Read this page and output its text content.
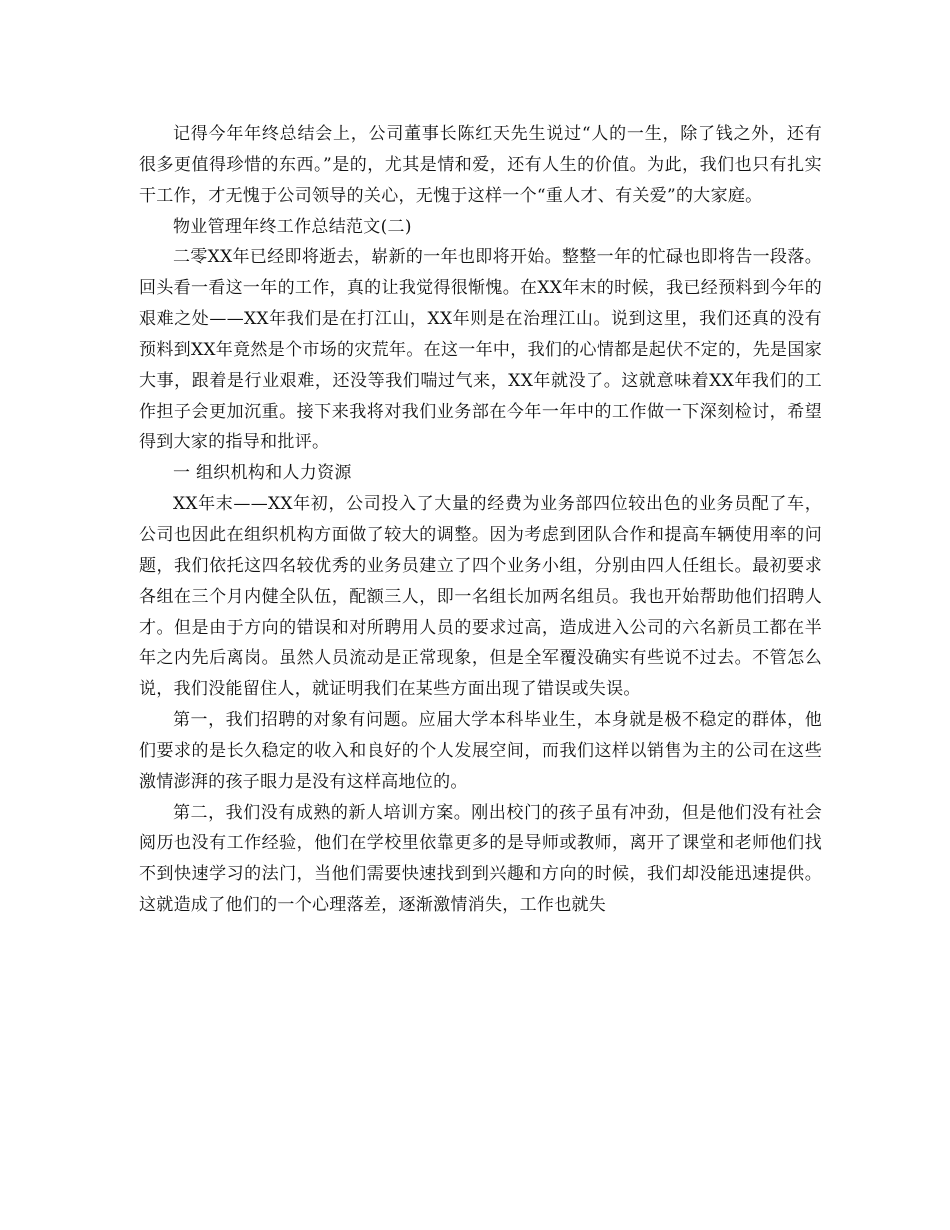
记得今年年终总结会上，公司董事长陈红天先生说过“人的一生，除了钱之外，还有很多更值得珍惜的东西。”是的，尤其是情和爱，还有人生的价值。为此，我们也只有扎实干工作，才无愧于公司领导的关心，无愧于这样一个“重人才、有关爱”的大家庭。

物业管理年终工作总结范文(二)

二零XX年已经即将逝去，崭新的一年也即将开始。整整一年的忙碌也即将告一段落。回头看一看这一年的工作，真的让我觉得很惭愧。在XX年末的时候，我已经预料到今年的艰难之处——XX年我们是在打江山，XX年则是在治理江山。说到这里，我们还真的没有预料到XX年竟然是个市场的灾荒年。在这一年中，我们的心情都是起伏不定的，先是国家大事，跟着是行业艰难，还没等我们喘过气来，XX年就没了。这就意味着XX年我们的工作担子会更加沉重。接下来我将对我们业务部在今年一年中的工作做一下深刻检讨，希望得到大家的指导和批评。

一 组织机构和人力资源

XX年末——XX年初，公司投入了大量的经费为业务部四位较出色的业务员配了车，公司也因此在组织机构方面做了较大的调整。因为考虑到团队合作和提高车辆使用率的问题，我们依托这四名较优秀的业务员建立了四个业务小组，分别由四人任组长。最初要求各组在三个月内健全队伍，配额三人，即一名组长加两名组员。我也开始帮助他们招聘人才。但是由于方向的错误和对所聘用人员的要求过高，造成进入公司的六名新员工都在半年之内先后离岗。虽然人员流动是正常现象，但是全军覆没确实有些说不过去。不管怎么说，我们没能留住人，就证明我们在某些方面出现了错误或失误。

第一，我们招聘的对象有问题。应届大学本科毕业生，本身就是极不稳定的群体，他们要求的是长久稳定的收入和良好的个人发展空间，而我们这样以销售为主的公司在这些激情澎湃的孩子眼力是没有这样高地位的。

第二，我们没有成熟的新人培训方案。刚出校门的孩子虽有冲劲，但是他们没有社会阅历也没有工作经验，他们在学校里依靠更多的是导师或教师，离开了课堂和老师他们找不到快速学习的法门，当他们需要快速找到到兴趣和方向的时候，我们却没能迅速提供。这就造成了他们的一个心理落差，逐渐激情消失，工作也就失
